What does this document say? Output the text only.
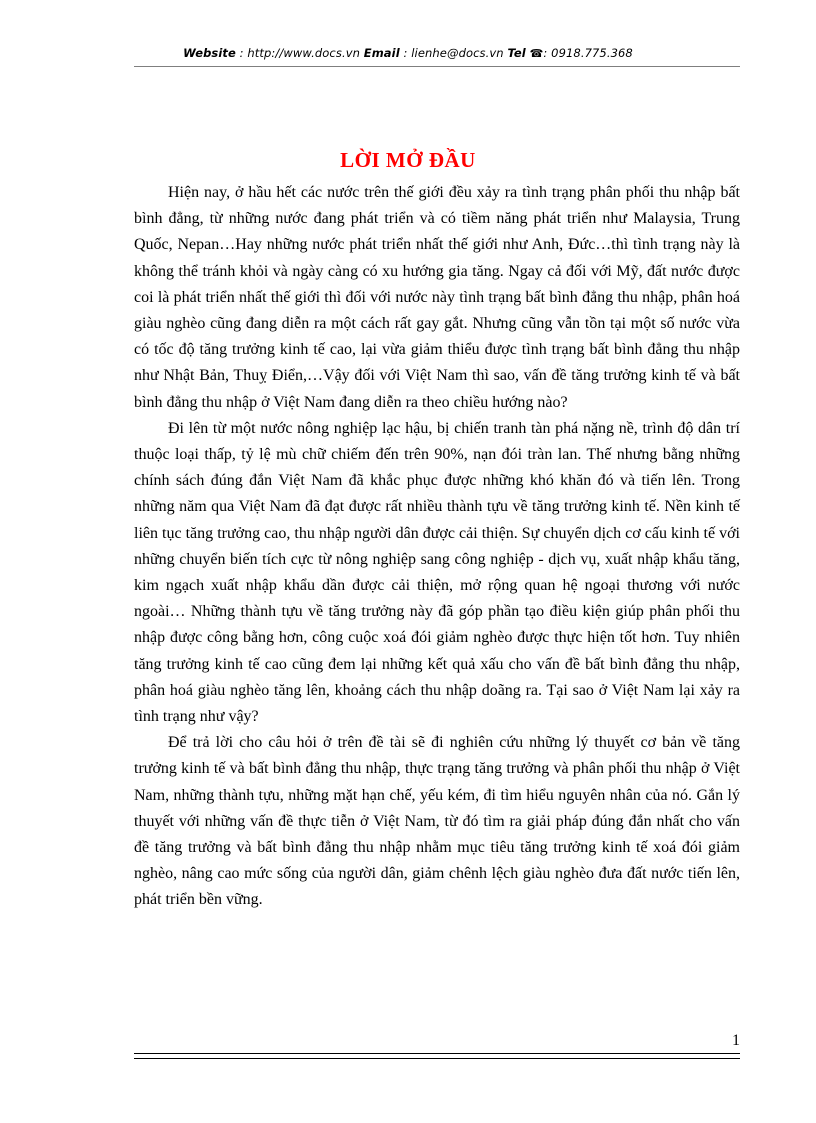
Website : http://www.docs.vn Email : lienhe@docs.vn Tel ☎: 0918.775.368
LỜI MỞ ĐẦU

Hiện nay, ở hầu hết các nước trên thế giới đều xảy ra tình trạng phân phối thu nhập bất bình đẳng, từ những nước đang phát triển và có tiềm năng phát triển như Malaysia, Trung Quốc, Nepan…Hay những nước phát triển nhất thế giới như Anh, Đức…thì tình trạng này là không thể tránh khỏi và ngày càng có xu hướng gia tăng. Ngay cả đối với Mỹ, đất nước được coi là phát triển nhất thế giới thì đối với nước này tình trạng bất bình đẳng thu nhập, phân hoá giàu nghèo cũng đang diễn ra một cách rất gay gắt. Nhưng cũng vẫn tồn tại một số nước vừa có tốc độ tăng trưởng kinh tế cao, lại vừa giảm thiểu được tình trạng bất bình đẳng thu nhập như Nhật Bản, Thuỵ Điển,…Vậy đối với Việt Nam thì sao, vấn đề tăng trưởng kinh tế và bất bình đẳng thu nhập ở Việt Nam đang diễn ra theo chiều hướng nào?

Đi lên từ một nước nông nghiệp lạc hậu, bị chiến tranh tàn phá nặng nề, trình độ dân trí thuộc loại thấp, tỷ lệ mù chữ chiếm đến trên 90%, nạn đói tràn lan. Thế nhưng bằng những chính sách đúng đắn Việt Nam đã khắc phục được những khó khăn đó và tiến lên. Trong những năm qua Việt Nam đã đạt được rất nhiều thành tựu về tăng trưởng kinh tế. Nền kinh tế liên tục tăng trưởng cao, thu nhập người dân được cải thiện. Sự chuyển dịch cơ cấu kinh tế với những chuyển biến tích cực từ nông nghiệp sang công nghiệp - dịch vụ, xuất nhập khẩu tăng, kim ngạch xuất nhập khẩu dần được cải thiện, mở rộng quan hệ ngoại thương với nước ngoài… Những thành tựu về tăng trưởng này đã góp phần tạo điều kiện giúp phân phối thu nhập được công bằng hơn, công cuộc xoá đói giảm nghèo được thực hiện tốt hơn. Tuy nhiên tăng trưởng kinh tế cao cũng đem lại những kết quả xấu cho vấn đề bất bình đẳng thu nhập, phân hoá giàu nghèo tăng lên, khoảng cách thu nhập doãng ra. Tại sao ở Việt Nam lại xảy ra tình trạng như vậy?

Để trả lời cho câu hỏi ở trên đề tài sẽ đi nghiên cứu những lý thuyết cơ bản về tăng trưởng kinh tế và bất bình đẳng thu nhập, thực trạng tăng trưởng và phân phối thu nhập ở Việt Nam, những thành tựu, những mặt hạn chế, yếu kém, đi tìm hiểu nguyên nhân của nó. Gắn lý thuyết với những vấn đề thực tiễn ở Việt Nam, từ đó tìm ra giải pháp đúng đắn nhất cho vấn đề tăng trưởng và bất bình đẳng thu nhập nhằm mục tiêu tăng trưởng kinh tế xoá đói giảm nghèo, nâng cao mức sống của người dân, giảm chênh lệch giàu nghèo đưa đất nước tiến lên, phát triển bền vững.

1
